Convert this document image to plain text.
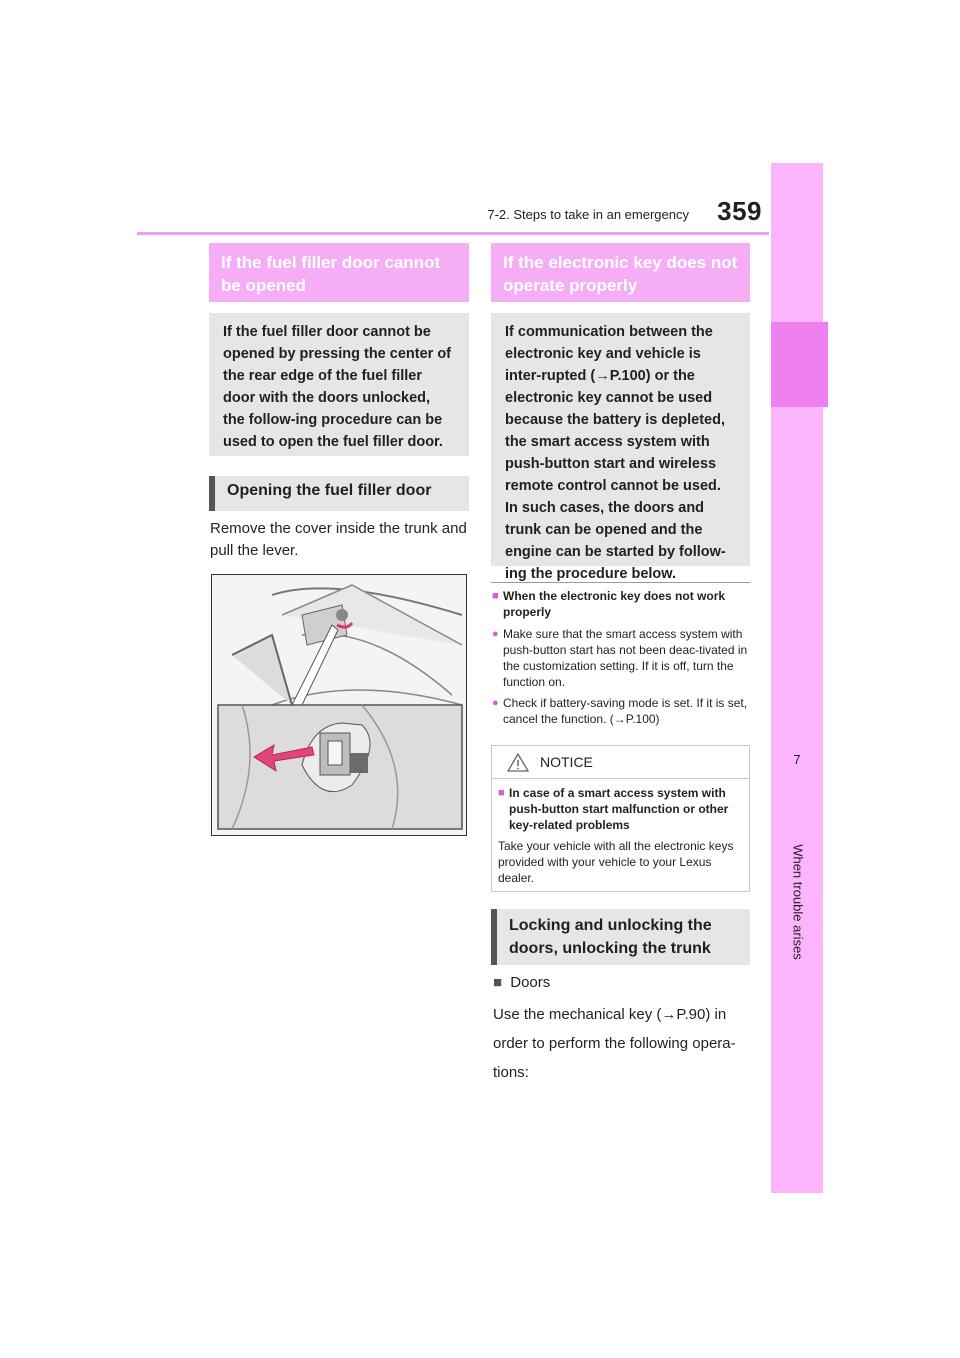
7-2. Steps to take in an emergency	359
7
When trouble arises
If the fuel filler door cannot
be opened
If the fuel filler door cannot be opened by pressing the center of the rear edge of the fuel filler door with the doors unlocked, the follow-ing procedure can be used to open the fuel filler door.
Opening the fuel filler door
Remove the cover inside the trunk and pull the lever.
If the electronic key does not
operate properly
If communication between the electronic key and vehicle is inter-rupted (→P.100) or the electronic key cannot be used because the battery is depleted, the smart access system with push-button start and wireless remote control cannot be used. In such cases, the doors and trunk can be opened and the engine can be started by follow-ing the procedure below.
■ When the electronic key does not work properly
● Make sure that the smart access system with push-button start has not been deac-tivated in the customization setting. If it is off, turn the function on.
● Check if battery-saving mode is set. If it is set, cancel the function. (→P.100)
NOTICE
■ In case of a smart access system with push-button start malfunction or other key-related problems
Take your vehicle with all the electronic keys provided with your vehicle to your Lexus dealer.
Locking and unlocking the
doors, unlocking the trunk
■ Doors
Use the mechanical key (→P.90) in order to perform the following opera-tions:
